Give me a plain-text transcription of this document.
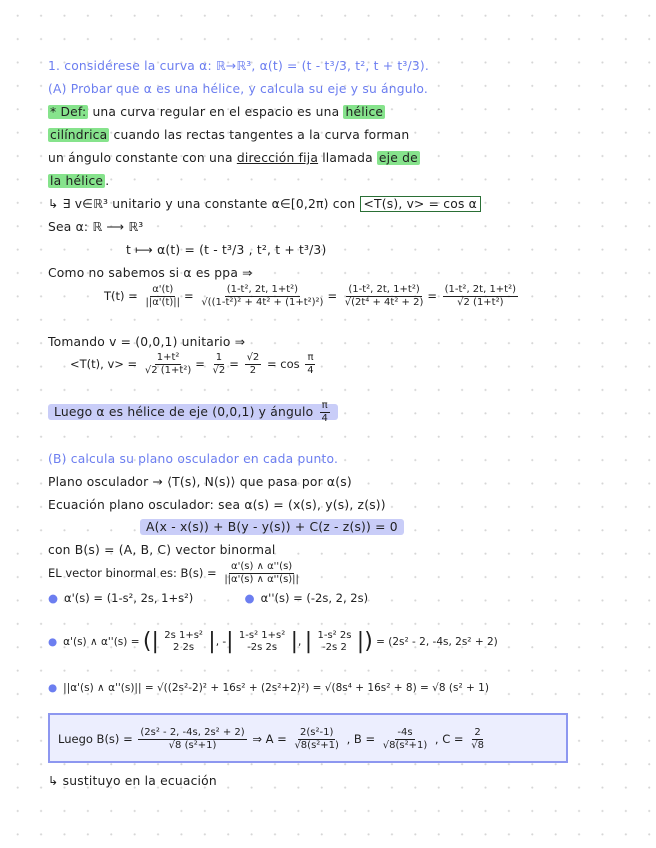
1. considérese la curva α: ℝ→ℝ³, α(t) = (t - t³/3, t², t + t³/3).
(A) Probar que α es una hélice, y calcula su eje y su ángulo.
* Def: una curva regular en el espacio es una hélice
cilíndrica cuando las rectas tangentes a la curva forman
un ángulo constante con una dirección fija llamada eje de
la hélice .
↳ ∃ v∈ℝ³ unitario y una constante α∈[0,2π) con <T(s), v> = cos α
Sea α: ℝ ⟶ ℝ³
t ⟼ α(t) = (t - t³/3 , t², t + t³/3)
Como no sabemos si α es ppa ⇒
$T(t) = \frac{\alpha'(t)}{||\alpha'(t)||} = \frac{\text{(1-t², 2t, 1+t²)}}{\text{√((1-t²)² + 4t² + (1+t²)²)}} = \frac{\text{(1-t², 2t, 1+t²)}}{\text{√(2t⁴ + 4t² + 2)}} = \frac{\text{(1-t², 2t, 1+t²)}}{\text{√2 (1+t²)}}$
Tomando v = (0,0,1) unitario ⇒
<T(t), $v> = \frac{\text{1+t²}}{\text{√2 (1+t²)}} = \frac{1}{√2} = \frac{√2}{2} = \cos \frac{\pi}{4}$
Luego α es hélice de eje (0,0,1) y ángulo $\frac{\pi}{4}$
(B) calcula su plano osculador en cada punto.
Plano osculador → ⟨T(s), N(s)⟩ que pasa por α(s)
Ecuación plano osculador: sea α(s) = (x(s), y(s), z(s))
A(x - x(s)) + B(y - y(s)) + C(z - z(s)) = 0
con B(s) = (A, B, C) vector binormal
EL vector binormal es: $B(s) = \frac{\alpha'(s) \wedge \alpha''(s)}{||\alpha'(s) \wedge \alpha''(s)||}$
● α'(s) = (1-s², 2s, 1+s²)	● α''(s) = (-2s, 2, 2s)
● α'(s) ∧ α''(s) = (| 2s 1+s²
2 2s |, -| 1-s² 1+s²
-2s 2s |, | 1-s² 2s
-2s 2 |) = (2s² - 2, -4s, 2s² + 2)
● ||α'(s) ∧ α''(s)|| = √((2s²-2)² + 16s² + (2s²+2)²) = √(8s⁴ + 16s² + 8) = √8 (s² + 1)
Luego $B(s) = \frac{\text{(2s² - 2, -4s, 2s² + 2)}}{\text{√8 (s²+1)}}$ ⇒ $A = \frac{\text{2(s²-1)}}{\text{√8(s²+1)}}$ , $B = \frac{-4s}{\text{√8(s²+1)}}$ , $C = \frac{2}{√8}$
↳ sustituyo en la ecuación
